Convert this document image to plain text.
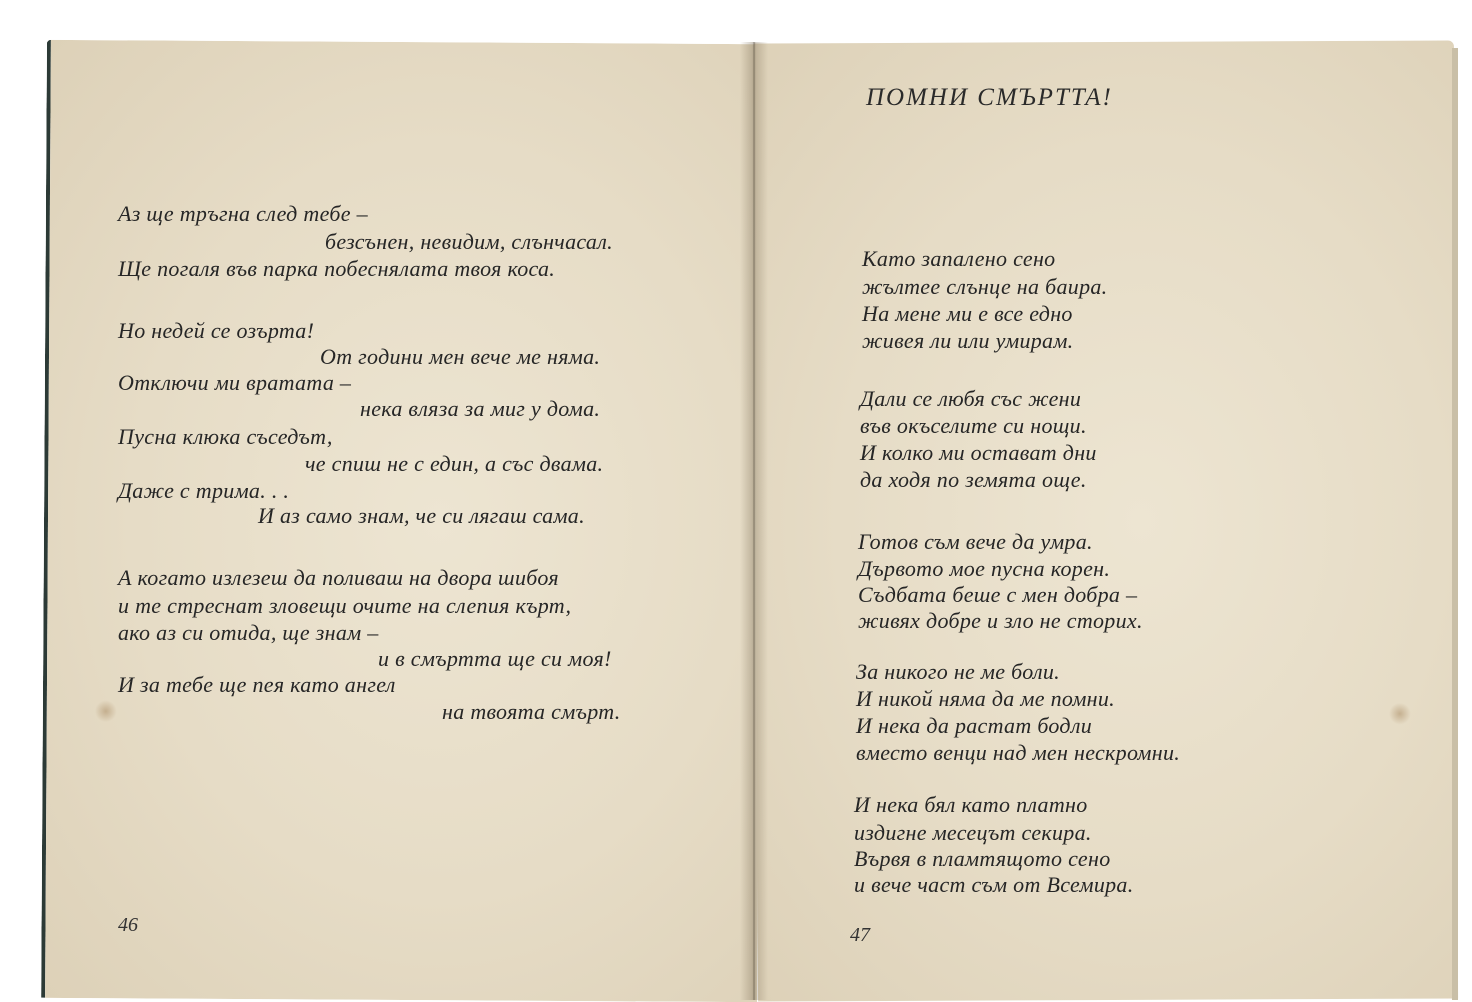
Аз ще тръгна след тебе –
безсънен, невидим, слънчасал.
Ще погаля във парка побеснялата твоя коса.
Но недей се озърта!
От години мен вече ме няма.
Отключи ми вратата –
нека вляза за миг у дома.
Пусна клюка съседът,
че спиш не с един, а със двама.
Даже с трима. . .
И аз само знам, че си лягаш сама.
А когато излезеш да поливаш на двора шибоя
и те стреснат зловещи очите на слепия кърт,
ако аз си отида, ще знам –
и в смъртта ще си моя!
И за тебе ще пея като ангел
на твоята смърт.
46
ПОМНИ СМЪРТТА!
Като запалено сено
жълтее слънце на баира.
На мене ми е все едно
живея ли или умирам.
Дали се любя със жени
във окъселите си нощи.
И колко ми остават дни
да ходя по земята още.
Готов съм вече да умра.
Дървото мое пусна корен.
Съдбата беше с мен добра –
живях добре и зло не сторих.
За никого не ме боли.
И никой няма да ме помни.
И нека да растат бодли
вместо венци над мен нескромни.
И нека бял като платно
издигне месецът секира.
Вървя в пламтящото сено
и вече част съм от Всемира.
47
